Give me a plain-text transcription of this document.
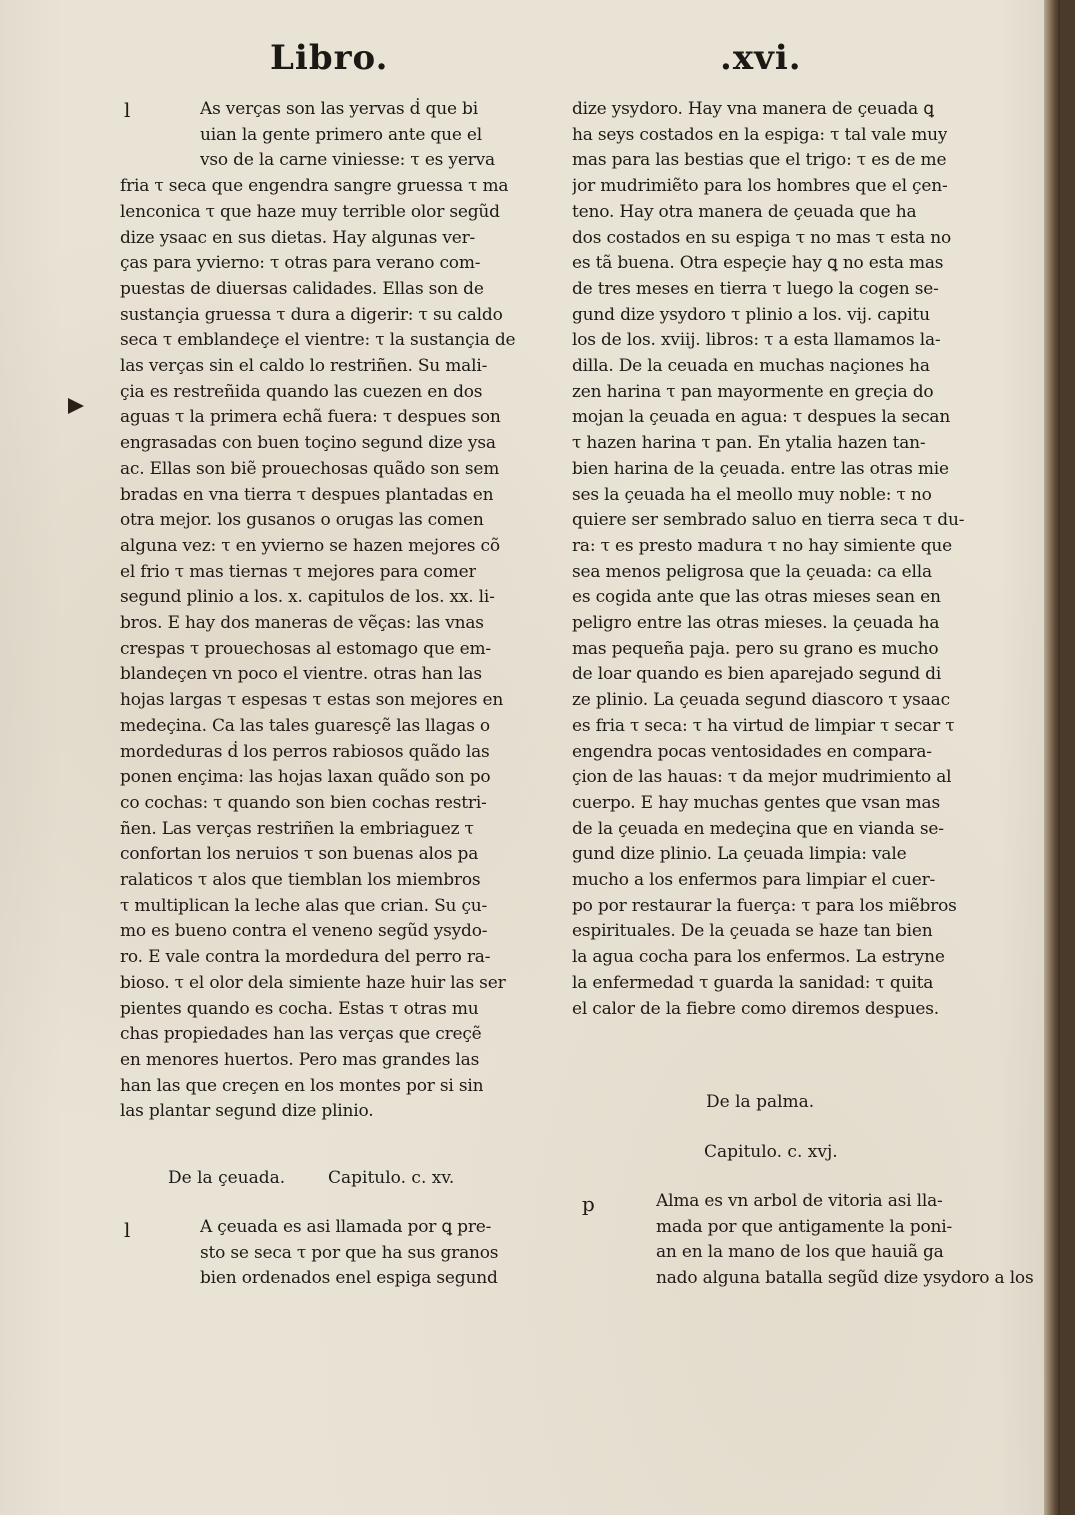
Libro.	.xvi.
l	As verças son las yervas ḋ que bi
uian la gente primero ante que el
vso de la carne viniesse: τ es yerva
fria τ seca que engendra sangre gruessa τ ma
lenconica τ que haze muy terrible olor segũd
dize ysaac en sus dietas. Hay algunas ver-
ças para yvierno: τ otras para verano com-
puestas de diuersas calidades. Ellas son de
sustançia gruessa τ dura a digerir: τ su caldo
seca τ emblandeçe el vientre: τ la sustançia de
las verças sin el caldo lo restriñen. Su mali-
çia es restreñida quando las cuezen en dos
aguas τ la primera echã fuera: τ despues son
engrasadas con buen toçino segund dize ysa
ac. Ellas son biẽ prouechosas quãdo son sem
bradas en vna tierra τ despues plantadas en
otra mejor. los gusanos o orugas las comen
alguna vez: τ en yvierno se hazen mejores cõ
el frio τ mas tiernas τ mejores para comer
segund plinio a los. x. capitulos de los. xx. li-
bros. E hay dos maneras de vẽças: las vnas
crespas τ prouechosas al estomago que em-
blandeçen vn poco el vientre. otras han las
hojas largas τ espesas τ estas son mejores en
medeçina. Ca las tales guaresçẽ las llagas o
mordeduras ḋ los perros rabiosos quãdo las
ponen ençima: las hojas laxan quãdo son po
co cochas: τ quando son bien cochas restri-
ñen. Las verças restriñen la embriaguez τ
confortan los neruios τ son buenas alos pa
ralaticos τ alos que tiemblan los miembros
τ multiplican la leche alas que crian. Su çu-
mo es bueno contra el veneno segũd ysydo-
ro. E vale contra la mordedura del perro ra-
bioso. τ el olor dela simiente haze huir las ser
pientes quando es cocha. Estas τ otras mu
chas propiedades han las verças que creçẽ
en menores huertos. Pero mas grandes las
han las que creçen en los montes por si sin
las plantar segund dize plinio.
De la çeuada.	Capitulo. c. xv.
l	A çeuada es asi llamada por ꝗ pre-
sto se seca τ por que ha sus granos
bien ordenados enel espiga segund
dize ysydoro. Hay vna manera de çeuada ꝗ
ha seys costados en la espiga: τ tal vale muy
mas para las bestias que el trigo: τ es de me
jor mudrimiẽto para los hombres que el çen-
teno. Hay otra manera de çeuada que ha
dos costados en su espiga τ no mas τ esta no
es tã buena. Otra espeçie hay ꝗ no esta mas
de tres meses en tierra τ luego la cogen se-
gund dize ysydoro τ plinio a los. vij. capitu
los de los. xviij. libros: τ a esta llamamos la-
dilla. De la ceuada en muchas naçiones ha
zen harina τ pan mayormente en greçia do
mojan la çeuada en agua: τ despues la secan
τ hazen harina τ pan. En ytalia hazen tan-
bien harina de la çeuada. entre las otras mie
ses la çeuada ha el meollo muy noble: τ no
quiere ser sembrado saluo en tierra seca τ du-
ra: τ es presto madura τ no hay simiente que
sea menos peligrosa que la çeuada: ca ella
es cogida ante que las otras mieses sean en
peligro entre las otras mieses. la çeuada ha
mas pequeña paja. pero su grano es mucho
de loar quando es bien aparejado segund di
ze plinio. La çeuada segund diascoro τ ysaac
es fria τ seca: τ ha virtud de limpiar τ secar τ
engendra pocas ventosidades en compara-
çion de las hauas: τ da mejor mudrimiento al
cuerpo. E hay muchas gentes que vsan mas
de la çeuada en medeçina que en vianda se-
gund dize plinio. La çeuada limpia: vale
mucho a los enfermos para limpiar el cuer-
po por restaurar la fuerça: τ para los miẽbros
espirituales. De la çeuada se haze tan bien
la agua cocha para los enfermos. La estryne
la enfermedad τ guarda la sanidad: τ quita
el calor de la fiebre como diremos despues.
De la palma.
Capitulo. c. xvj.
p	Alma es vn arbol de vitoria asi lla-
mada por que antigamente la poni-
an en la mano de los que hauiã ga
nado alguna batalla segũd dize ysydoro a los
